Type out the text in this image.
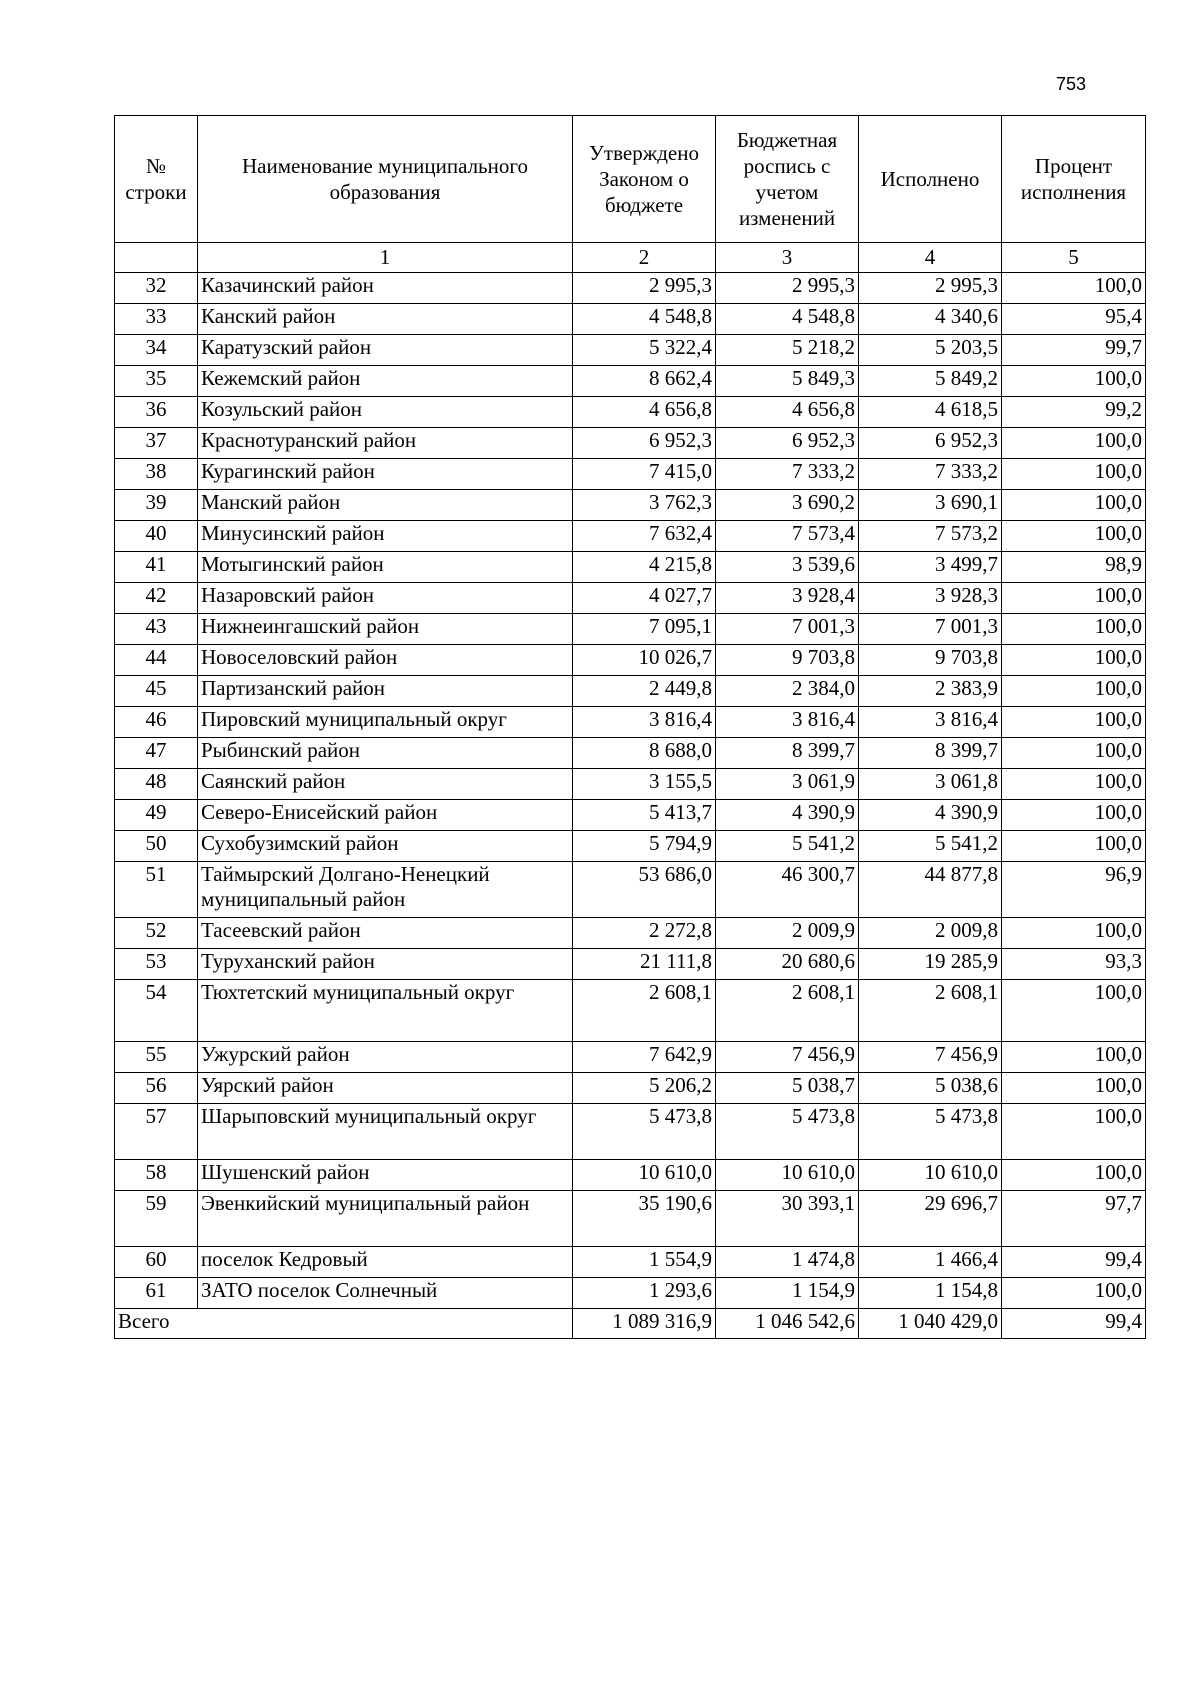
753
№ строки	Наименование муниципального образования	Утверждено Законом о бюджете	Бюджетная роспись с учетом изменений	Исполнено	Процент исполнения
	1	2	3	4	5
32	Казачинский район	2 995,3	2 995,3	2 995,3	100,0
33	Канский район	4 548,8	4 548,8	4 340,6	95,4
34	Каратузский район	5 322,4	5 218,2	5 203,5	99,7
35	Кежемский район	8 662,4	5 849,3	5 849,2	100,0
36	Козульский район	4 656,8	4 656,8	4 618,5	99,2
37	Краснотуранский район	6 952,3	6 952,3	6 952,3	100,0
38	Курагинский район	7 415,0	7 333,2	7 333,2	100,0
39	Манский район	3 762,3	3 690,2	3 690,1	100,0
40	Минусинский район	7 632,4	7 573,4	7 573,2	100,0
41	Мотыгинский район	4 215,8	3 539,6	3 499,7	98,9
42	Назаровский район	4 027,7	3 928,4	3 928,3	100,0
43	Нижнеингашский район	7 095,1	7 001,3	7 001,3	100,0
44	Новоселовский район	10 026,7	9 703,8	9 703,8	100,0
45	Партизанский район	2 449,8	2 384,0	2 383,9	100,0
46	Пировский муниципальный округ	3 816,4	3 816,4	3 816,4	100,0
47	Рыбинский район	8 688,0	8 399,7	8 399,7	100,0
48	Саянский район	3 155,5	3 061,9	3 061,8	100,0
49	Северо-Енисейский район	5 413,7	4 390,9	4 390,9	100,0
50	Сухобузимский район	5 794,9	5 541,2	5 541,2	100,0
51	Таймырский Долгано-Ненецкий муниципальный район	53 686,0	46 300,7	44 877,8	96,9
52	Тасеевский район	2 272,8	2 009,9	2 009,8	100,0
53	Туруханский район	21 111,8	20 680,6	19 285,9	93,3
54	Тюхтетский муниципальный округ	2 608,1	2 608,1	2 608,1	100,0
55	Ужурский район	7 642,9	7 456,9	7 456,9	100,0
56	Уярский район	5 206,2	5 038,7	5 038,6	100,0
57	Шарыповский муниципальный округ	5 473,8	5 473,8	5 473,8	100,0
58	Шушенский район	10 610,0	10 610,0	10 610,0	100,0
59	Эвенкийский муниципальный район	35 190,6	30 393,1	29 696,7	97,7
60	поселок Кедровый	1 554,9	1 474,8	1 466,4	99,4
61	ЗАТО поселок Солнечный	1 293,6	1 154,9	1 154,8	100,0
Всего		1 089 316,9	1 046 542,6	1 040 429,0	99,4
